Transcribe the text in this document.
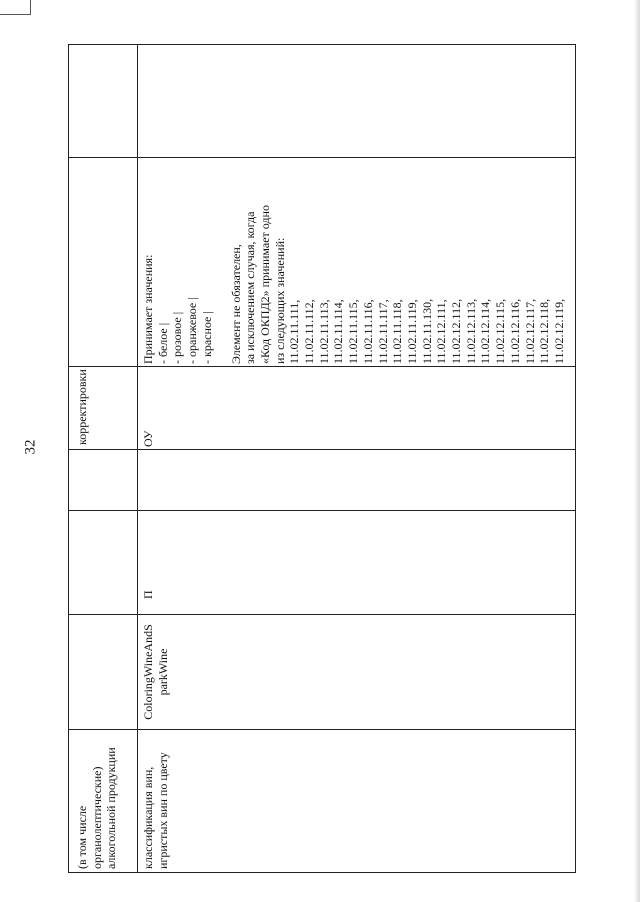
32
(в том числе органолептические) алкогольной продукции
корректировки
классификация вин, игристых вин по цвету
ColoringWineAndS parkWine
П
ОУ
Принимает значения: - белое | - розовое | - оранжевое | - красное | Элемент не обязателен, за исключением случая, когда «Код ОКПД2» принимает одно из следующих значений: 11.02.11.111, 11.02.11.112, 11.02.11.113, 11.02.11.114, 11.02.11.115, 11.02.11.116, 11.02.11.117, 11.02.11.118, 11.02.11.119, 11.02.11.130, 11.02.12.111, 11.02.12.112, 11.02.12.113, 11.02.12.114, 11.02.12.115, 11.02.12.116, 11.02.12.117, 11.02.12.118, 11.02.12.119,
